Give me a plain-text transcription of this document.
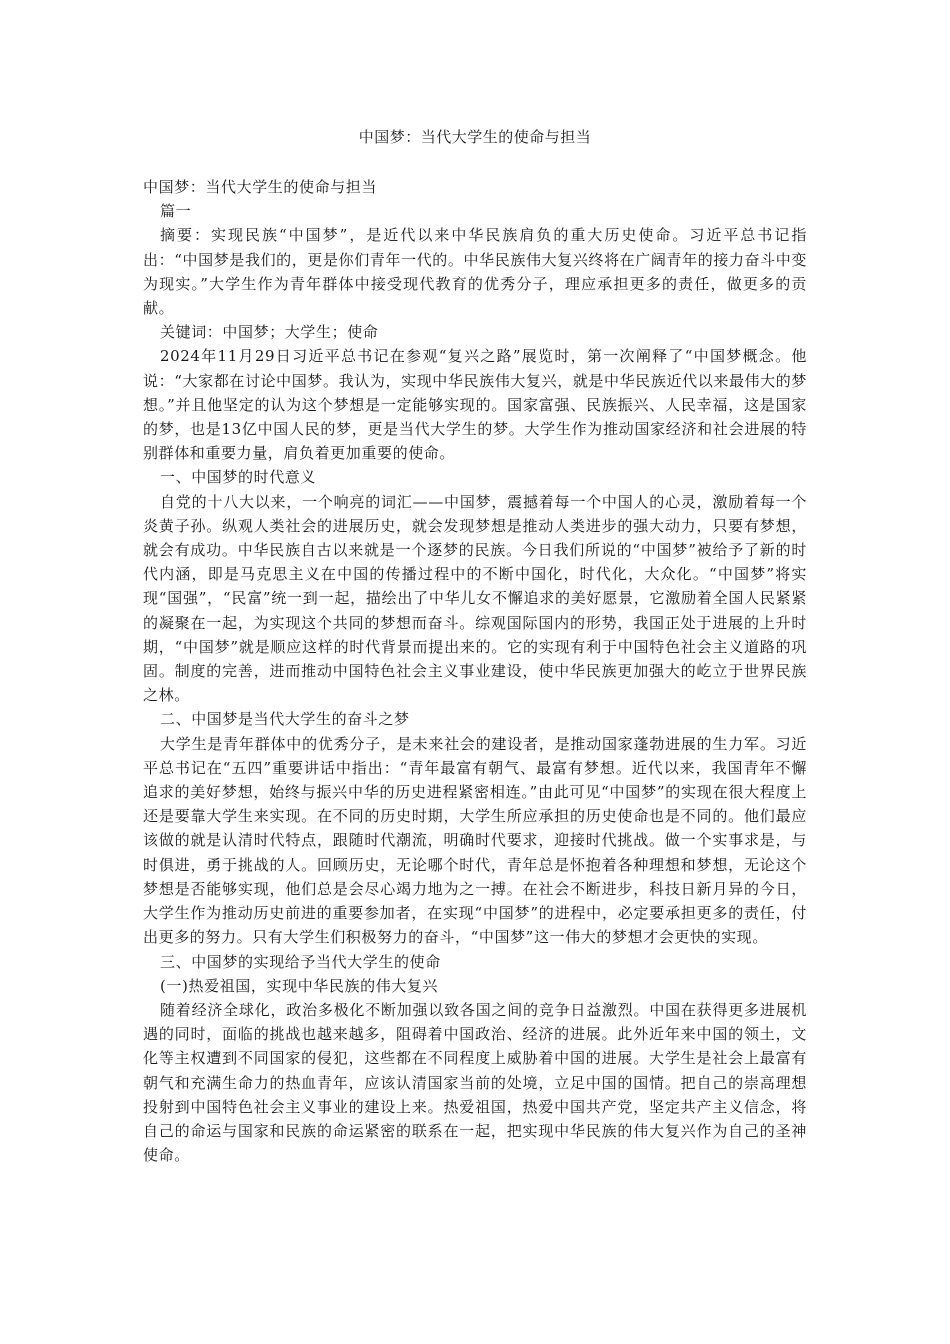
中国梦：当代大学生的使命与担当

中国梦：当代大学生的使命与担当

篇一

摘要：实现民族“中国梦”，是近代以来中华民族肩负的重大历史使命。习近平总书记指出：“中国梦是我们的，更是你们青年一代的。中华民族伟大复兴终将在广阔青年的接力奋斗中变为现实。”大学生作为青年群体中接受现代教育的优秀分子，理应承担更多的责任，做更多的贡献。

关键词：中国梦；大学生；使命

2024年11月29日习近平总书记在参观“复兴之路”展览时，第一次阐释了“中国梦概念。他说：“大家都在讨论中国梦。我认为，实现中华民族伟大复兴，就是中华民族近代以来最伟大的梦想。”并且他坚定的认为这个梦想是一定能够实现的。国家富强、民族振兴、人民幸福，这是国家的梦，也是13亿中国人民的梦，更是当代大学生的梦。大学生作为推动国家经济和社会进展的特别群体和重要力量，肩负着更加重要的使命。

一、中国梦的时代意义

自党的十八大以来，一个响亮的词汇——中国梦，震撼着每一个中国人的心灵，激励着每一个炎黄子孙。纵观人类社会的进展历史，就会发现梦想是推动人类进步的强大动力，只要有梦想，就会有成功。中华民族自古以来就是一个逐梦的民族。今日我们所说的“中国梦”被给予了新的时代内涵，即是马克思主义在中国的传播过程中的不断中国化，时代化，大众化。“中国梦”将实现“国强”，“民富”统一到一起，描绘出了中华儿女不懈追求的美好愿景，它激励着全国人民紧紧的凝聚在一起，为实现这个共同的梦想而奋斗。综观国际国内的形势，我国正处于进展的上升时期，“中国梦”就是顺应这样的时代背景而提出来的。它的实现有利于中国特色社会主义道路的巩固。制度的完善，进而推动中国特色社会主义事业建设，使中华民族更加强大的屹立于世界民族之林。

二、中国梦是当代大学生的奋斗之梦

大学生是青年群体中的优秀分子，是未来社会的建设者，是推动国家蓬勃进展的生力军。习近平总书记在“五四”重要讲话中指出：“青年最富有朝气、最富有梦想。近代以来，我国青年不懈追求的美好梦想，始终与振兴中华的历史进程紧密相连。”由此可见“中国梦”的实现在很大程度上还是要靠大学生来实现。在不同的历史时期，大学生所应承担的历史使命也是不同的。他们最应该做的就是认清时代特点，跟随时代潮流，明确时代要求，迎接时代挑战。做一个实事求是，与时俱进，勇于挑战的人。回顾历史，无论哪个时代，青年总是怀抱着各种理想和梦想，无论这个梦想是否能够实现，他们总是会尽心竭力地为之一搏。在社会不断进步，科技日新月异的今日，大学生作为推动历史前进的重要参加者，在实现“中国梦”的进程中，必定要承担更多的责任，付出更多的努力。只有大学生们积极努力的奋斗，“中国梦”这一伟大的梦想才会更快的实现。

三、中国梦的实现给予当代大学生的使命

(一)热爱祖国，实现中华民族的伟大复兴

随着经济全球化，政治多极化不断加强以致各国之间的竞争日益激烈。中国在获得更多进展机遇的同时，面临的挑战也越来越多，阻碍着中国政治、经济的进展。此外近年来中国的领土，文化等主权遭到不同国家的侵犯，这些都在不同程度上威胁着中国的进展。大学生是社会上最富有朝气和充满生命力的热血青年，应该认清国家当前的处境，立足中国的国情。把自己的崇高理想投射到中国特色社会主义事业的建设上来。热爱祖国，热爱中国共产党，坚定共产主义信念，将自己的命运与国家和民族的命运紧密的联系在一起，把实现中华民族的伟大复兴作为自己的圣神使命。
